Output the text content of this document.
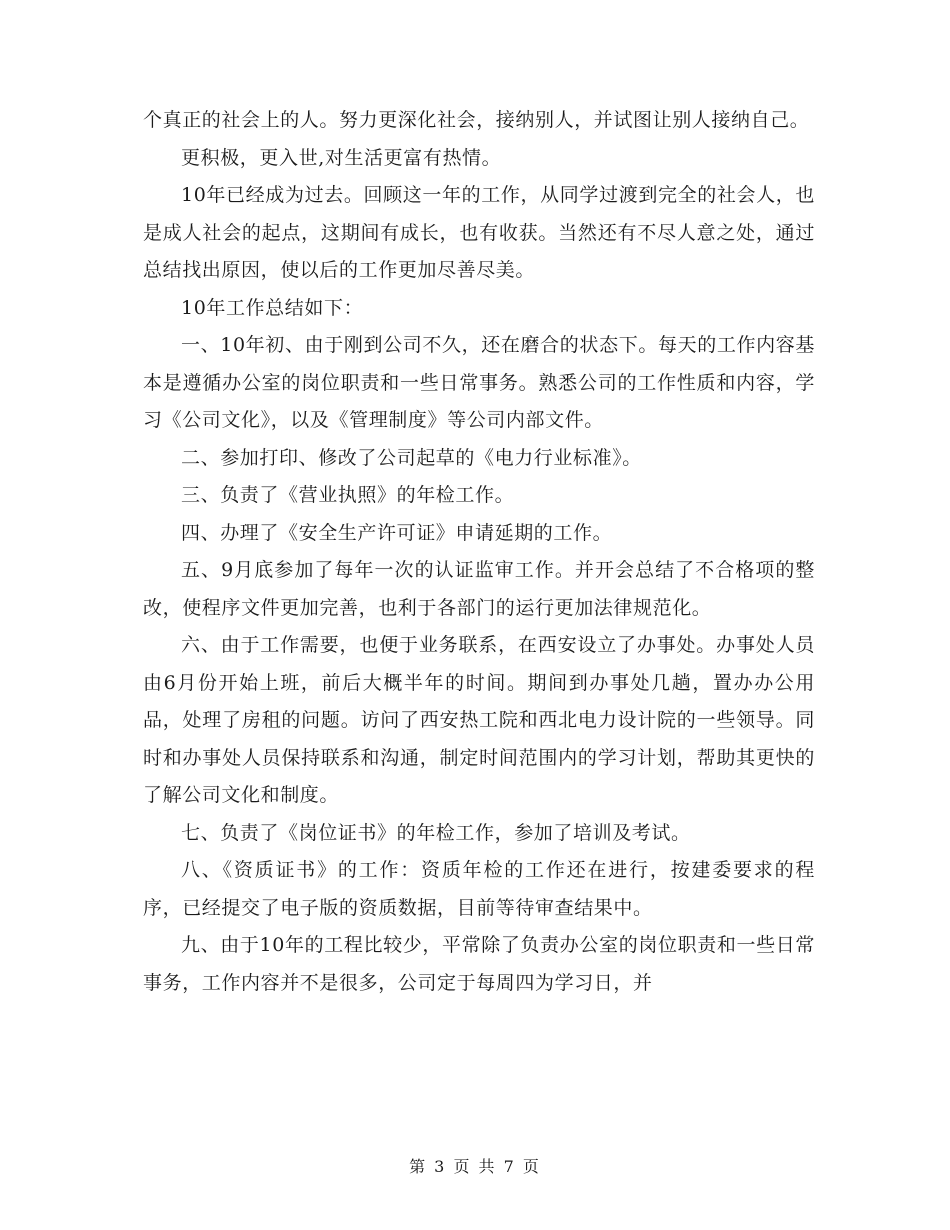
个真正的社会上的人。努力更深化社会，接纳别人，并试图让别人接纳自己。

更积极，更入世,对生活更富有热情。

10年已经成为过去。回顾这一年的工作，从同学过渡到完全的社会人，也是成人社会的起点，这期间有成长，也有收获。当然还有不尽人意之处，通过总结找出原因，使以后的工作更加尽善尽美。

10年工作总结如下：

一、10年初、由于刚到公司不久，还在磨合的状态下。每天的工作内容基本是遵循办公室的岗位职责和一些日常事务。熟悉公司的工作性质和内容，学习《公司文化》，以及《管理制度》等公司内部文件。

二、参加打印、修改了公司起草的《电力行业标准》。

三、负责了《营业执照》的年检工作。

四、办理了《安全生产许可证》申请延期的工作。

五、9月底参加了每年一次的认证监审工作。并开会总结了不合格项的整改，使程序文件更加完善，也利于各部门的运行更加法律规范化。

六、由于工作需要，也便于业务联系，在西安设立了办事处。办事处人员由6月份开始上班，前后大概半年的时间。期间到办事处几趟，置办办公用品，处理了房租的问题。访问了西安热工院和西北电力设计院的一些领导。同时和办事处人员保持联系和沟通，制定时间范围内的学习计划，帮助其更快的了解公司文化和制度。

七、负责了《岗位证书》的年检工作，参加了培训及考试。

八、《资质证书》的工作：资质年检的工作还在进行，按建委要求的程序，已经提交了电子版的资质数据，目前等待审查结果中。

九、由于10年的工程比较少，平常除了负责办公室的岗位职责和一些日常事务，工作内容并不是很多，公司定于每周四为学习日，并

第 3 页 共 7 页
